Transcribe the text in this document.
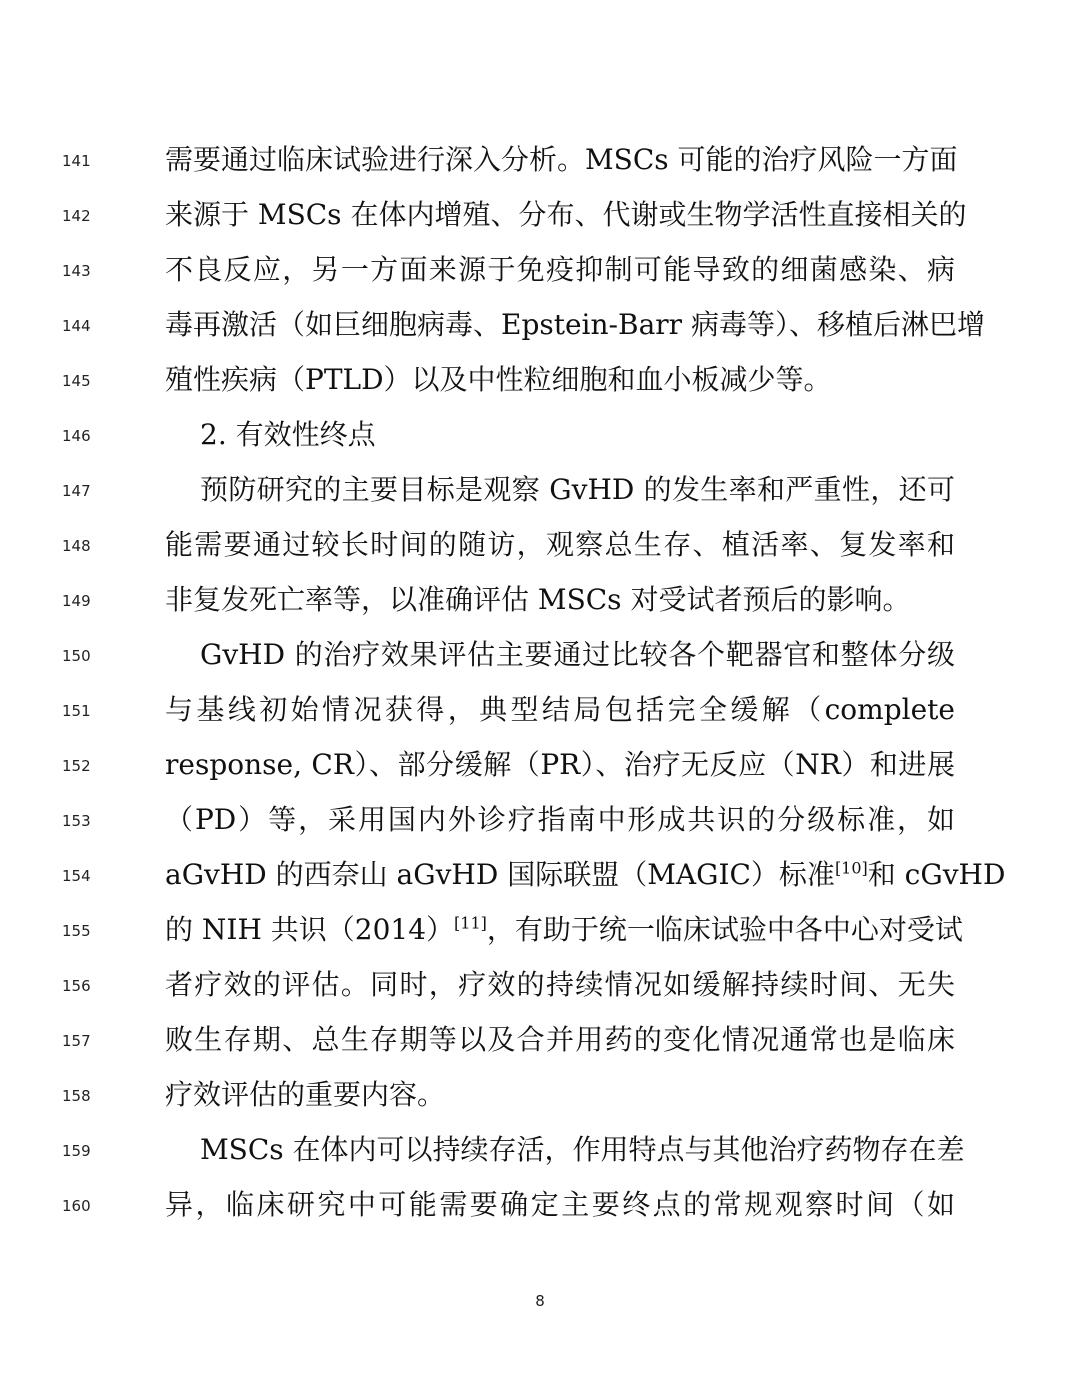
141	需要通过临床试验进行深入分析。MSCs 可能的治疗风险一方面
142	来源于 MSCs 在体内增殖、分布、代谢或生物学活性直接相关的
143	不良反应，另一方面来源于免疫抑制可能导致的细菌感染、病
144	毒再激活（如巨细胞病毒、Epstein-Barr 病毒等）、移植后淋巴增
145	殖性疾病（PTLD）以及中性粒细胞和血小板减少等。
146	2. 有效性终点
147	预防研究的主要目标是观察 GvHD 的发生率和严重性，还可
148	能需要通过较长时间的随访，观察总生存、植活率、复发率和
149	非复发死亡率等，以准确评估 MSCs 对受试者预后的影响。
150	GvHD 的治疗效果评估主要通过比较各个靶器官和整体分级
151	与基线初始情况获得，典型结局包括完全缓解（complete
152	response, CR）、部分缓解（PR）、治疗无反应（NR）和进展
153	（PD）等，采用国内外诊疗指南中形成共识的分级标准，如
154	aGvHD 的西奈山 aGvHD 国际联盟（MAGIC）标准[10]和 cGvHD
155	的 NIH 共识（2014）[11]，有助于统一临床试验中各中心对受试
156	者疗效的评估。同时，疗效的持续情况如缓解持续时间、无失
157	败生存期、总生存期等以及合并用药的变化情况通常也是临床
158	疗效评估的重要内容。
159	MSCs 在体内可以持续存活，作用特点与其他治疗药物存在差
160	异，临床研究中可能需要确定主要终点的常规观察时间（如
8
